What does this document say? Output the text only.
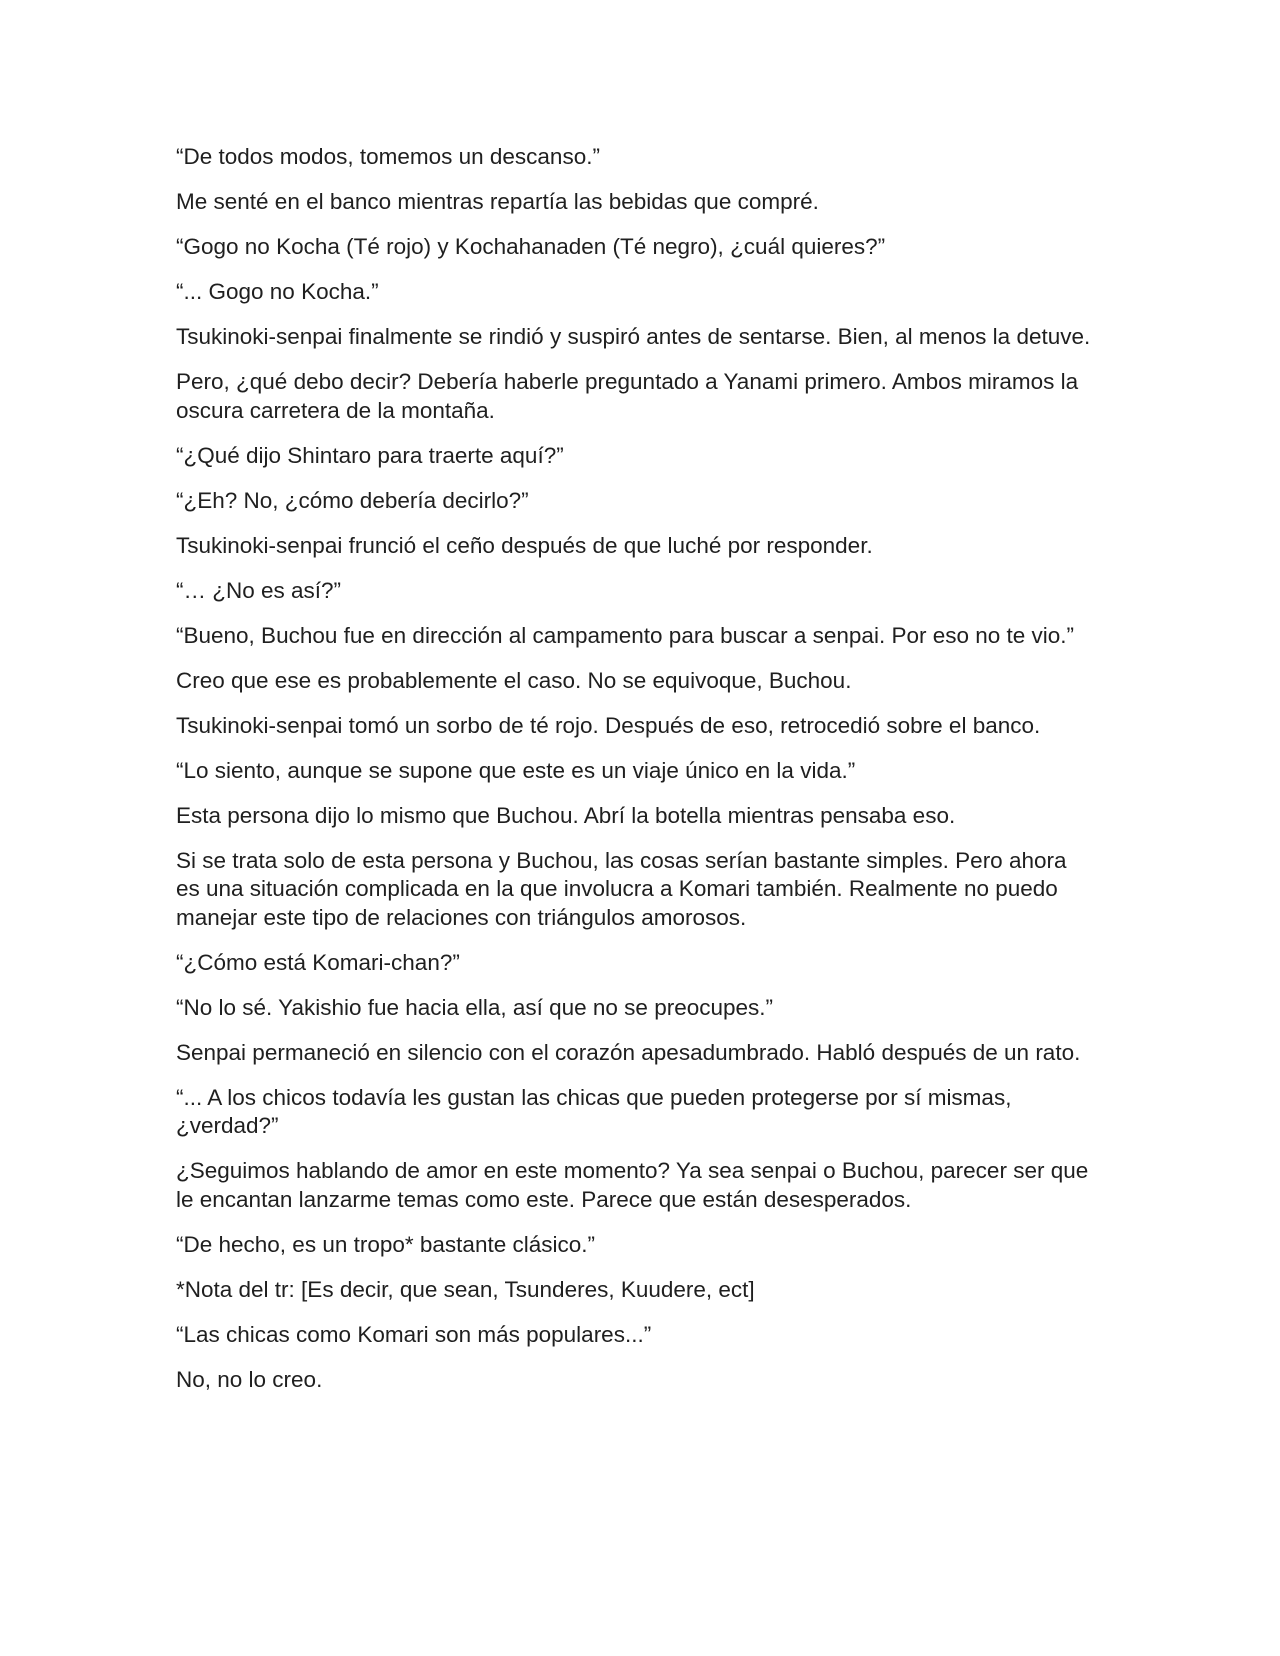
“De todos modos, tomemos un descanso.”

Me senté en el banco mientras repartía las bebidas que compré.

“Gogo no Kocha (Té rojo) y Kochahanaden (Té negro), ¿cuál quieres?”

“... Gogo no Kocha.”

Tsukinoki-senpai finalmente se rindió y suspiró antes de sentarse. Bien, al menos la detuve.

Pero, ¿qué debo decir? Debería haberle preguntado a Yanami primero. Ambos miramos la oscura carretera de la montaña.

“¿Qué dijo Shintaro para traerte aquí?”

“¿Eh? No, ¿cómo debería decirlo?”

Tsukinoki-senpai frunció el ceño después de que luché por responder.

“… ¿No es así?”

“Bueno, Buchou fue en dirección al campamento para buscar a senpai. Por eso no te vio.”

Creo que ese es probablemente el caso. No se equivoque, Buchou.

Tsukinoki-senpai tomó un sorbo de té rojo. Después de eso, retrocedió sobre el banco.

“Lo siento, aunque se supone que este es un viaje único en la vida.”

Esta persona dijo lo mismo que Buchou. Abrí la botella mientras pensaba eso.

Si se trata solo de esta persona y Buchou, las cosas serían bastante simples. Pero ahora es una situación complicada en la que involucra a Komari también. Realmente no puedo manejar este tipo de relaciones con triángulos amorosos.

“¿Cómo está Komari-chan?”

“No lo sé. Yakishio fue hacia ella, así que no se preocupes.”

Senpai permaneció en silencio con el corazón apesadumbrado. Habló después de un rato.

“... A los chicos todavía les gustan las chicas que pueden protegerse por sí mismas, ¿verdad?”

¿Seguimos hablando de amor en este momento? Ya sea senpai o Buchou, parecer ser que le encantan lanzarme temas como este. Parece que están desesperados.

“De hecho, es un tropo* bastante clásico.”

*Nota del tr: [Es decir, que sean, Tsunderes, Kuudere, ect]

“Las chicas como Komari son más populares...”

No, no lo creo.
